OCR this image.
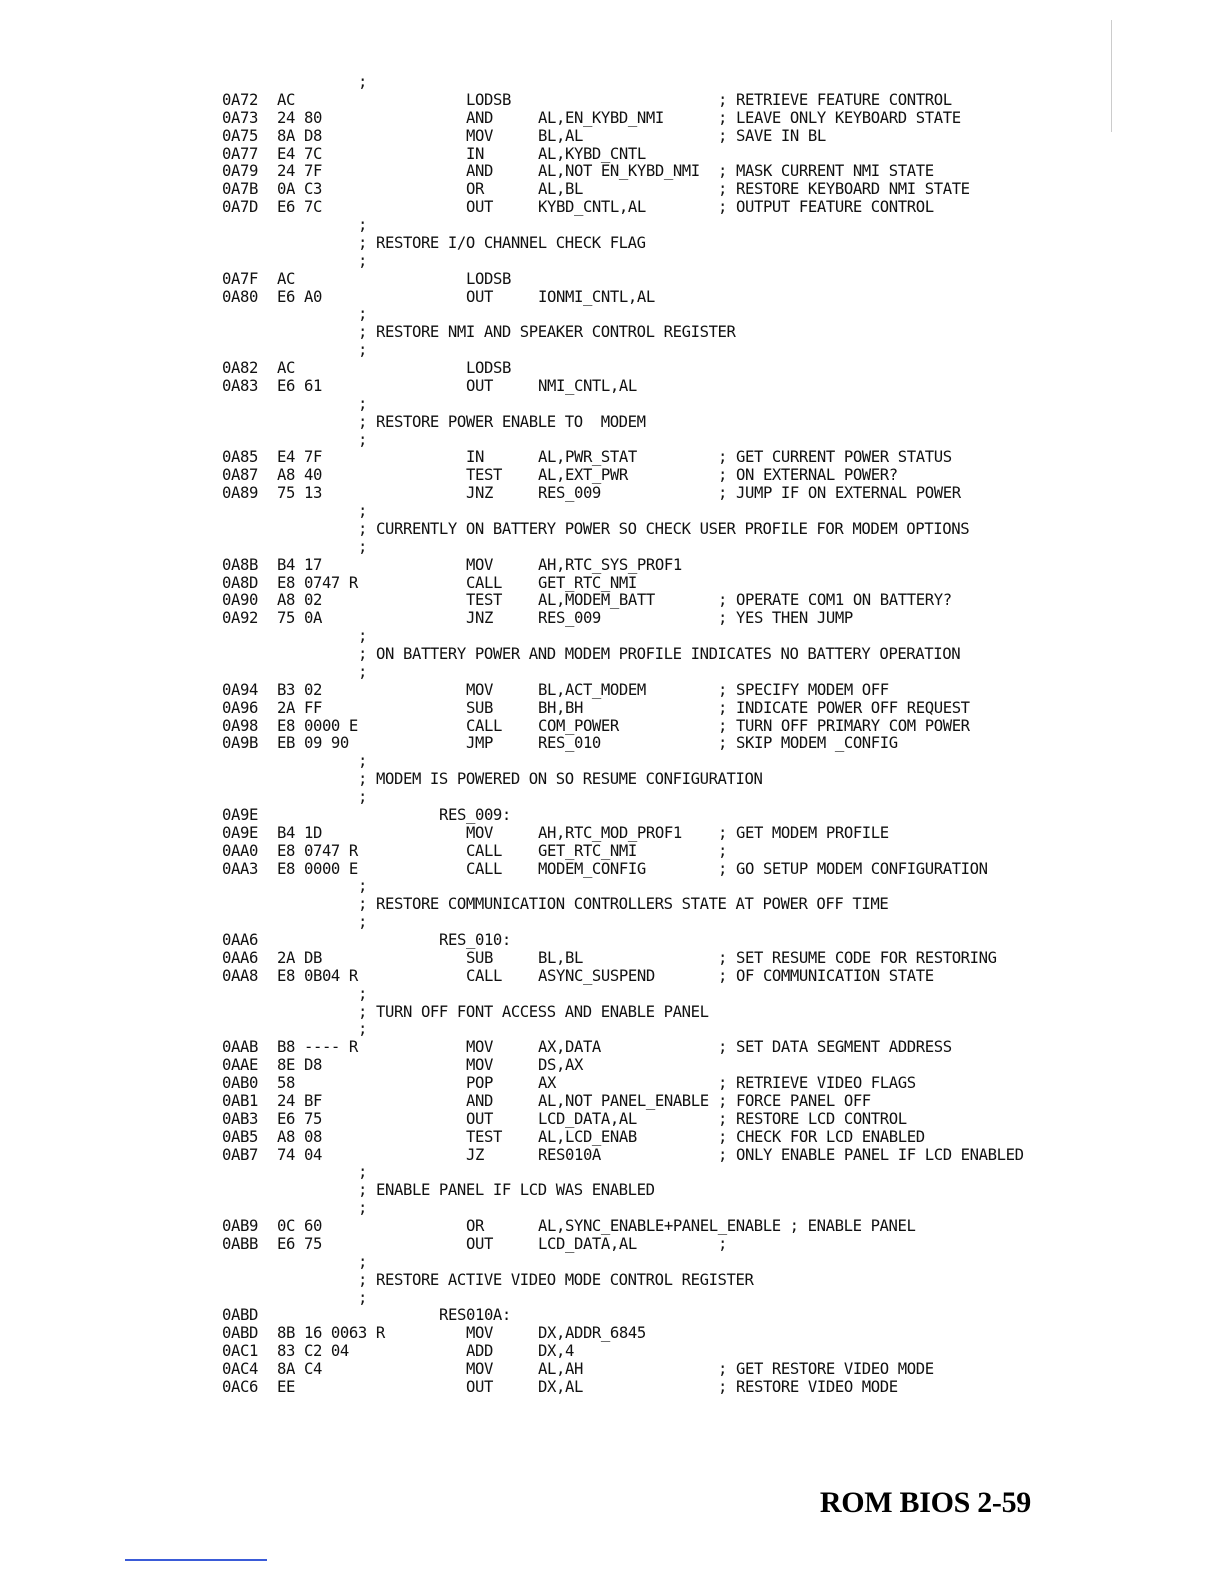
;
0A72 AC	LODSB	; RETRIEVE FEATURE CONTROL
0A73 24 80	AND	AL,EN_KYBD_NMI	; LEAVE ONLY KEYBOARD STATE
0A75 8A D8	MOV	BL,AL	; SAVE IN BL
0A77 E4 7C	IN	AL,KYBD_CNTL
0A79 24 7F	AND	AL,NOT EN_KYBD_NMI ; MASK CURRENT NMI STATE
0A7B 0A C3	OR	AL,BL	; RESTORE KEYBOARD NMI STATE
0A7D E6 7C	OUT	KYBD_CNTL,AL	; OUTPUT FEATURE CONTROL
;
; RESTORE I/O CHANNEL CHECK FLAG
;
0A7F AC	LODSB
0A80 E6 A0	OUT	IONMI_CNTL,AL
;
; RESTORE NMI AND SPEAKER CONTROL REGISTER
;
0A82 AC	LODSB
0A83 E6 61	OUT	NMI_CNTL,AL
;
; RESTORE POWER ENABLE TO  MODEM
;
0A85 E4 7F	IN	AL,PWR_STAT	; GET CURRENT POWER STATUS
0A87 A8 40	TEST AL,EXT_PWR	; ON EXTERNAL POWER?
0A89 75 13	JNZ	RES_009	; JUMP IF ON EXTERNAL POWER
;
; CURRENTLY ON BATTERY POWER SO CHECK USER PROFILE FOR MODEM OPTIONS
;
0A8B B4 17	MOV	AH,RTC_SYS_PROF1
0A8D E8 0747 R	CALL GET_RTC_NMI
0A90 A8 02	TEST AL,MODEM_BATT	; OPERATE COM1 ON BATTERY?
0A92 75 0A	JNZ	RES_009	; YES THEN JUMP
;
; ON BATTERY POWER AND MODEM PROFILE INDICATES NO BATTERY OPERATION
;
0A94 B3 02	MOV	BL,ACT_MODEM	; SPECIFY MODEM OFF
0A96 2A FF	SUB	BH,BH	; INDICATE POWER OFF REQUEST
0A98 E8 0000 E	CALL COM_POWER	; TURN OFF PRIMARY COM POWER
0A9B EB 09 90	JMP	RES_010	; SKIP MODEM _CONFIG
;
; MODEM IS POWERED ON SO RESUME CONFIGURATION
;
0A9E	RES_009:
0A9E B4 1D	MOV	AH,RTC_MOD_PROF1 ; GET MODEM PROFILE
0AA0 E8 0747 R	CALL GET_RTC_NMI	;
0AA3 E8 0000 E	CALL MODEM_CONFIG	; GO SETUP MODEM CONFIGURATION
;
; RESTORE COMMUNICATION CONTROLLERS STATE AT POWER OFF TIME
;
0AA6	RES_010:
0AA6 2A DB	SUB	BL,BL	; SET RESUME CODE FOR RESTORING
0AA8 E8 0B04 R	CALL ASYNC_SUSPEND	; OF COMMUNICATION STATE
;
; TURN OFF FONT ACCESS AND ENABLE PANEL
;
0AAB B8 ---- R	MOV	AX,DATA	; SET DATA SEGMENT ADDRESS
0AAE 8E D8	MOV	DS,AX
0AB0 58	POP	AX	; RETRIEVE VIDEO FLAGS
0AB1 24 BF	AND	AL,NOT PANEL_ENABLE ; FORCE PANEL OFF
0AB3 E6 75	OUT	LCD_DATA,AL	; RESTORE LCD CONTROL
0AB5 A8 08	TEST AL,LCD_ENAB	; CHECK FOR LCD ENABLED
0AB7 74 04	JZ	RES010A	; ONLY ENABLE PANEL IF LCD ENABLED
;
; ENABLE PANEL IF LCD WAS ENABLED
;
0AB9 0C 60	OR	AL,SYNC_ENABLE+PANEL_ENABLE ; ENABLE PANEL
0ABB E6 75	OUT	LCD_DATA,AL	;
;
; RESTORE ACTIVE VIDEO MODE CONTROL REGISTER
;
0ABD	RES010A:
0ABD 8B 16 0063 R	MOV	DX,ADDR_6845
0AC1 83 C2 04	ADD	DX,4
0AC4 8A C4	MOV	AL,AH	; GET RESTORE VIDEO MODE
0AC6 EE	OUT	DX,AL	; RESTORE VIDEO MODE
ROM BIOS 2-59
